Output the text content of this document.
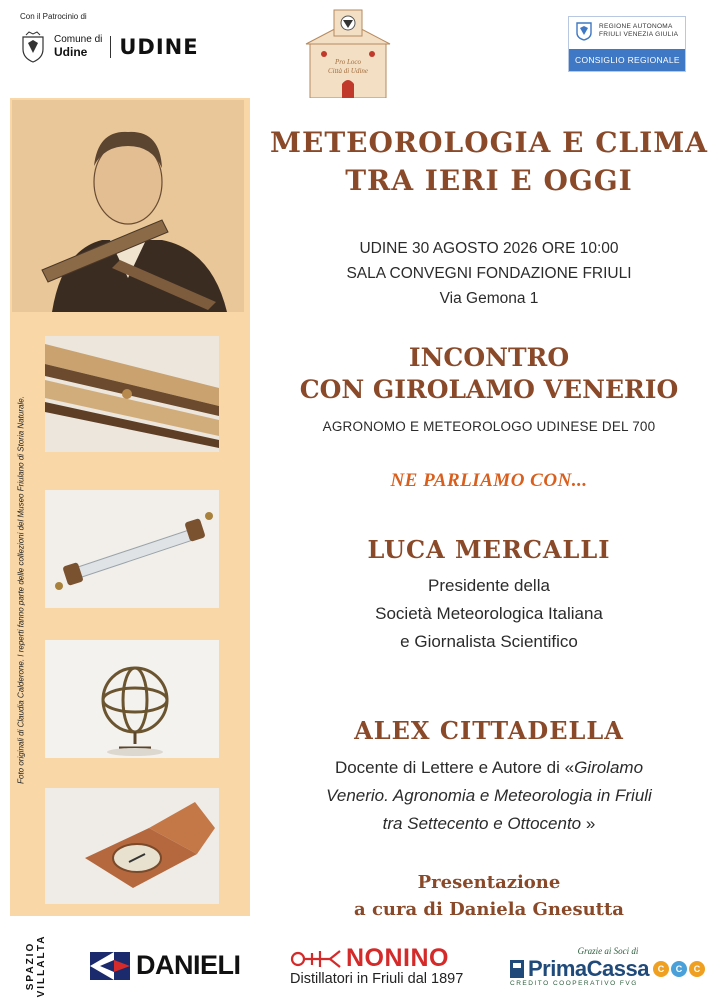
Con il Patrocinio di
Comune di
Udine	UDINE
Pro Loco
Città di Udine
REGIONE AUTONOMA
FRIULI VENEZIA GIULIA
CONSIGLIO REGIONALE
Foto originali di Claudia Calderone. I reperti fanno parte delle collezioni del Museo Friulano di Storia Naturale.
METEOROLOGIA E CLIMA
TRA IERI E OGGI
UDINE 30 AGOSTO 2026 ORE 10:00
SALA CONVEGNI FONDAZIONE FRIULI
Via Gemona 1
INCONTRO
CON GIROLAMO VENERIO
AGRONOMO E METEOROLOGO UDINESE DEL 700
NE PARLIAMO CON...
LUCA MERCALLI
Presidente della
Società Meteorologica Italiana
e Giornalista Scientifico
ALEX CITTADELLA
Docente di Lettere e Autore di «Girolamo
Venerio. Agronomia e Meteorologia in Friuli
tra Settecento e Ottocento »
Presentazione
a cura di Daniela Gnesutta
SPAZIO VILLALTA	DANIELI	NONINO
Distillatori in Friuli dal 1897
Grazie ai Soci di
PrimaCassa C	C	C
CREDITO COOPERATIVO FVG
